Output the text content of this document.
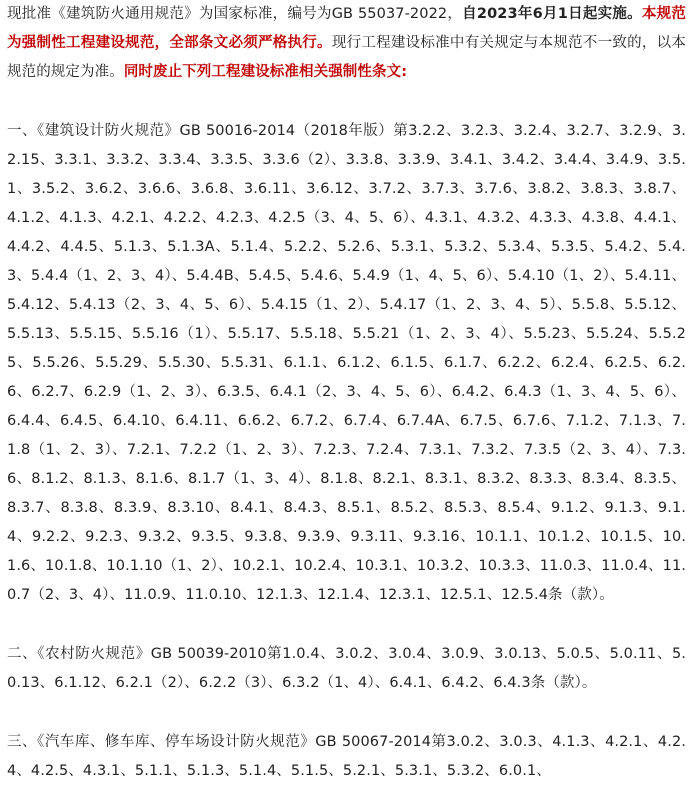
现批准《建筑防火通用规范》为国家标准，编号为GB 55037-2022，自2023年6月1日起实施。本规范为强制性工程建设规范，全部条文必须严格执行。现行工程建设标准中有关规定与本规范不一致的，以本规范的规定为准。同时废止下列工程建设标准相关强制性条文:

一、《建筑设计防火规范》GB 50016-2014（2018年版）第3.2.2、3.2.3、3.2.4、3.2.7、3.2.9、3.2.15、3.3.1、3.3.2、3.3.4、3.3.5、3.3.6（2）、3.3.8、3.3.9、3.4.1、3.4.2、3.4.4、3.4.9、3.5.1、3.5.2、3.6.2、3.6.6、3.6.8、3.6.11、3.6.12、3.7.2、3.7.3、3.7.6、3.8.2、3.8.3、3.8.7、4.1.2、4.1.3、4.2.1、4.2.2、4.2.3、4.2.5（3、4、5、6）、4.3.1、4.3.2、4.3.3、4.3.8、4.4.1、4.4.2、4.4.5、5.1.3、5.1.3A、5.1.4、5.2.2、5.2.6、5.3.1、5.3.2、5.3.4、5.3.5、5.4.2、5.4.3、5.4.4（1、2、3、4）、5.4.4B、5.4.5、5.4.6、5.4.9（1、4、5、6）、5.4.10（1、2）、5.4.11、5.4.12、5.4.13（2、3、4、5、6）、5.4.15（1、2）、5.4.17（1、2、3、4、5）、5.5.8、5.5.12、5.5.13、5.5.15、5.5.16（1）、5.5.17、5.5.18、5.5.21（1、2、3、4）、5.5.23、5.5.24、5.5.25、5.5.26、5.5.29、5.5.30、5.5.31、6.1.1、6.1.2、6.1.5、6.1.7、6.2.2、6.2.4、6.2.5、6.2.6、6.2.7、6.2.9（1、2、3）、6.3.5、6.4.1（2、3、4、5、6）、6.4.2、6.4.3（1、3、4、5、6）、6.4.4、6.4.5、6.4.10、6.4.11、6.6.2、6.7.2、6.7.4、6.7.4A、6.7.5、6.7.6、7.1.2、7.1.3、7.1.8（1、2、3）、7.2.1、7.2.2（1、2、3）、7.2.3、7.2.4、7.3.1、7.3.2、7.3.5（2、3、4）、7.3.6、8.1.2、8.1.3、8.1.6、8.1.7（1、3、4）、8.1.8、8.2.1、8.3.1、8.3.2、8.3.3、8.3.4、8.3.5、8.3.7、8.3.8、8.3.9、8.3.10、8.4.1、8.4.3、8.5.1、8.5.2、8.5.3、8.5.4、9.1.2、9.1.3、9.1.4、9.2.2、9.2.3、9.3.2、9.3.5、9.3.8、9.3.9、9.3.11、9.3.16、10.1.1、10.1.2、10.1.5、10.1.6、10.1.8、10.1.10（1、2）、10.2.1、10.2.4、10.3.1、10.3.2、10.3.3、11.0.3、11.0.4、11.0.7（2、3、4）、11.0.9、11.0.10、12.1.3、12.1.4、12.3.1、12.5.1、12.5.4条（款）。

二、《农村防火规范》GB 50039-2010第1.0.4、3.0.2、3.0.4、3.0.9、3.0.13、5.0.5、5.0.11、5.0.13、6.1.12、6.2.1（2）、6.2.2（3）、6.3.2（1、4）、6.4.1、6.4.2、6.4.3条（款）。

三、《汽车库、修车库、停车场设计防火规范》GB 50067-2014第3.0.2、3.0.3、4.1.3、4.2.1、4.2.4、4.2.5、4.3.1、5.1.1、5.1.3、5.1.4、5.1.5、5.2.1、5.3.1、5.3.2、6.0.1、
